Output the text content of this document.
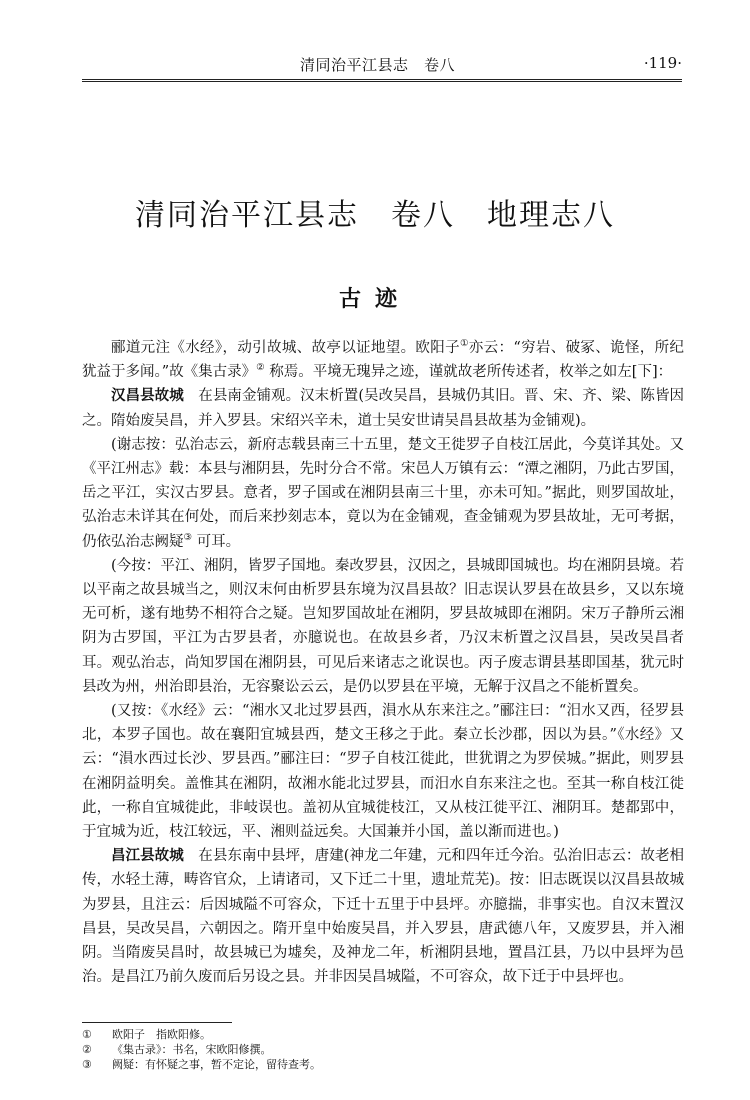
清同治平江县志　卷八	·119·
清同治平江县志　卷八　地理志八
古迹

郦道元注《水经》，动引故城、故亭以证地望。欧阳子①亦云：“穷岩、破冢、诡怪，所纪犹益于多闻。”故《集古录》② 称焉。平境无瑰异之迹，谨就故老所传述者，枚举之如左[下]：

汉昌县故城　在县南金铺观。汉末析置(吴改吴昌，县城仍其旧。晋、宋、齐、梁、陈皆因之。隋始废吴昌，并入罗县。宋绍兴辛未，道士吴安世请吴昌县故基为金铺观)。

(谢志按：弘治志云，新府志载县南三十五里，楚文王徙罗子自枝江居此，今莫详其处。又《平江州志》载：本县与湘阴县，先时分合不常。宋邑人万镇有云：“潭之湘阴，乃此古罗国，岳之平江，实汉古罗县。意者，罗子国或在湘阴县南三十里，亦未可知。”据此，则罗国故址，弘治志未详其在何处，而后来抄刻志本，竟以为在金铺观，查金铺观为罗县故址，无可考据，仍依弘治志阙疑③ 可耳。

(今按：平江、湘阴，皆罗子国地。秦改罗县，汉因之，县城即国城也。均在湘阴县境。若以平南之故县城当之，则汉末何由析罗县东境为汉昌县故？旧志误认罗县在故县乡，又以东境无可析，遂有地势不相符合之疑。岂知罗国故址在湘阴，罗县故城即在湘阴。宋万子静所云湘阴为古罗国，平江为古罗县者，亦臆说也。在故县乡者，乃汉末析置之汉昌县，吴改吴昌者耳。观弘治志，尚知罗国在湘阴县，可见后来诸志之讹误也。丙子废志谓县基即国基，犹元时县改为州，州治即县治，无容聚讼云云，是仍以罗县在平境，无解于汉昌之不能析置矣。

(又按：《水经》云：“湘水又北过罗县西，溳水从东来注之。”郦注曰：“汨水又西，径罗县北，本罗子国也。故在襄阳宜城县西，楚文王移之于此。秦立长沙郡，因以为县。”《水经》又云：“溳水西过长沙、罗县西。”郦注曰：“罗子自枝江徙此，世犹谓之为罗侯城。”据此，则罗县在湘阴益明矣。盖惟其在湘阴，故湘水能北过罗县，而汨水自东来注之也。至其一称自枝江徙此，一称自宜城徙此，非岐误也。盖初从宜城徙枝江，又从枝江徙平江、湘阴耳。楚都郢中，于宜城为近，枝江较远，平、湘则益远矣。大国兼并小国，盖以渐而进也。)

昌江县故城　在县东南中县坪，唐建(神龙二年建，元和四年迁今治。弘治旧志云：故老相传，水轻土薄，畴咨官众，上请诸司，又下迁二十里，遗址荒芜)。按：旧志既误以汉昌县故城为罗县，且注云：后因城隘不可容众，下迁十五里于中县坪。亦臆揣，非事实也。自汉末置汉昌县，吴改吴昌，六朝因之。隋开皇中始废吴昌，并入罗县，唐武德八年，又废罗县，并入湘阴。当隋废吴昌时，故县城已为墟矣，及神龙二年，析湘阴县地，置昌江县，乃以中县坪为邑治。是昌江乃前久废而后另设之县。并非因吴昌城隘，不可容众，故下迁于中县坪也。

① 欧阳子　指欧阳修。
② 《集古录》：书名，宋欧阳修撰。
③ 阙疑：有怀疑之事，暂不定论，留待查考。
